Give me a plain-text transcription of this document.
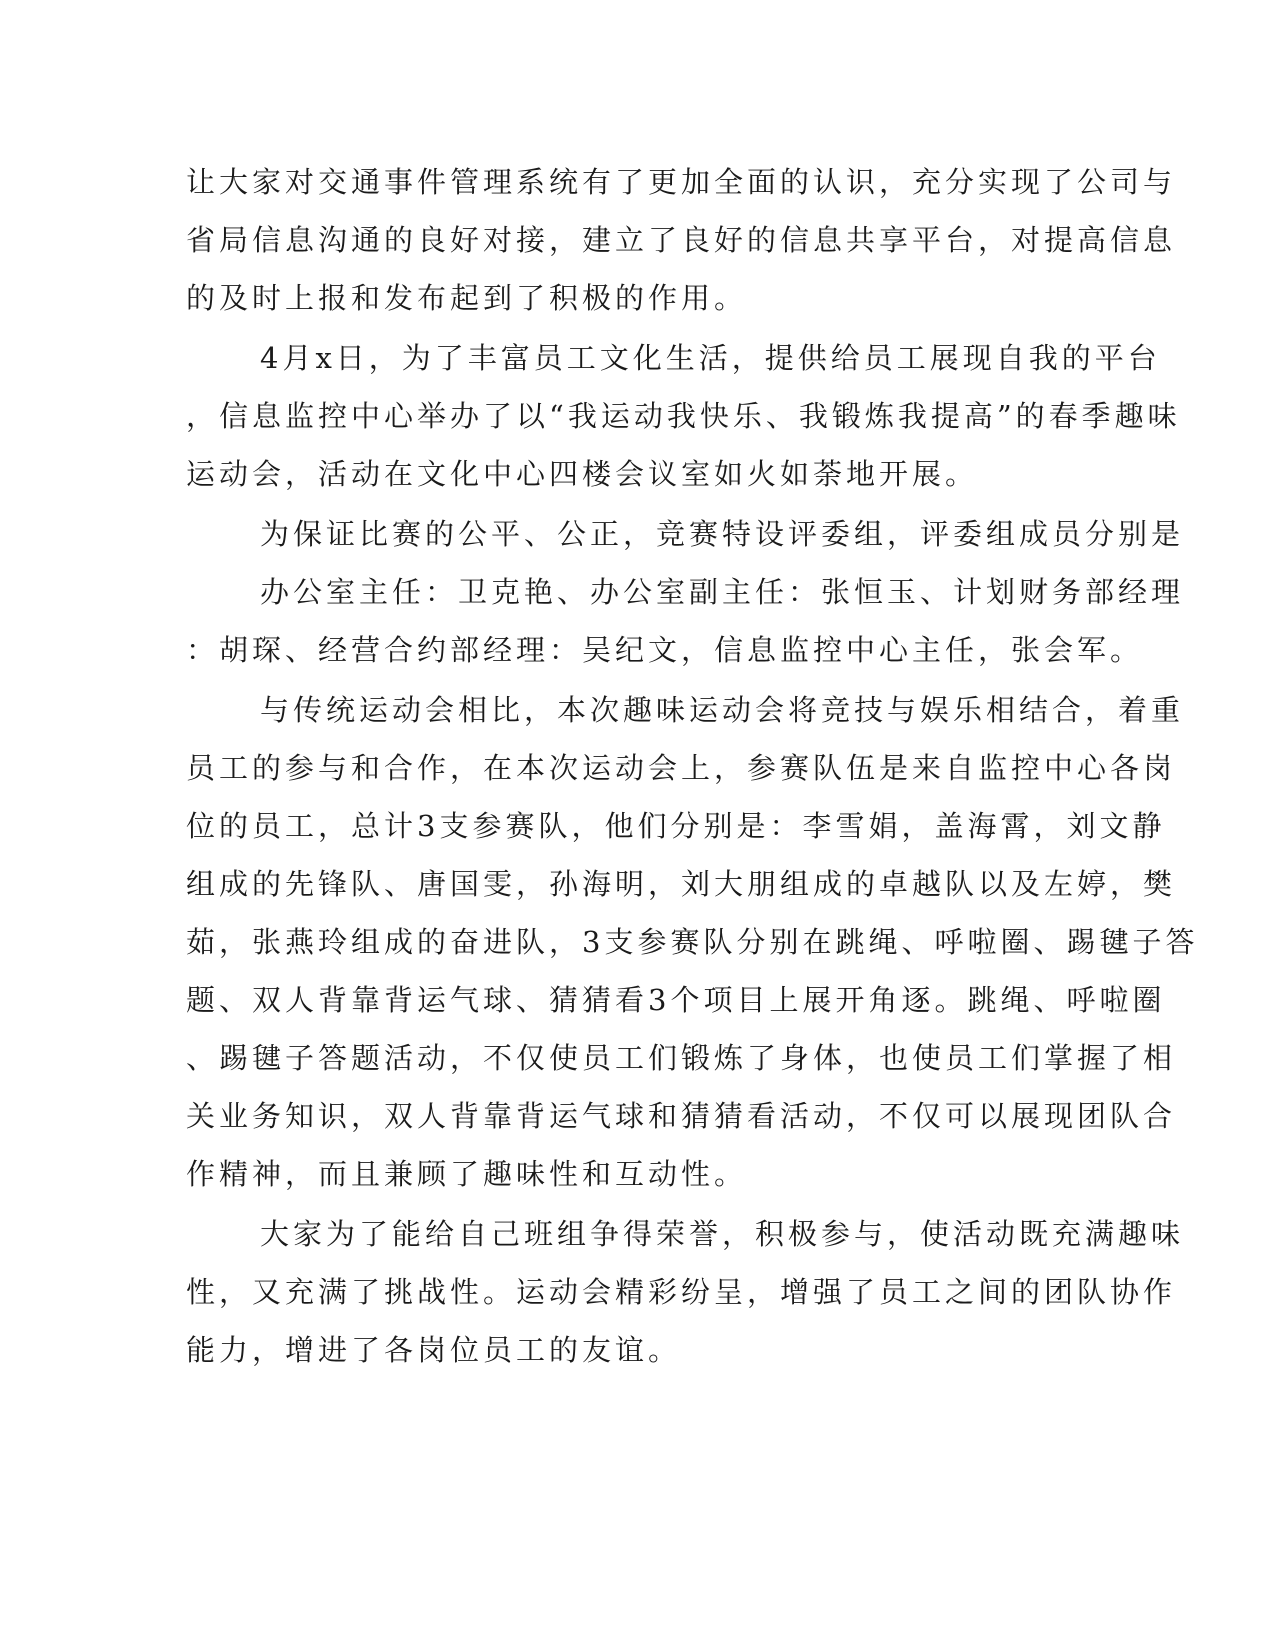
让大家对交通事件管理系统有了更加全面的认识，充分实现了公司与
省局信息沟通的良好对接，建立了良好的信息共享平台，对提高信息
的及时上报和发布起到了积极的作用。
4月x日，为了丰富员工文化生活，提供给员工展现自我的平台
，信息监控中心举办了以“我运动我快乐、我锻炼我提高”的春季趣味
运动会，活动在文化中心四楼会议室如火如荼地开展。
为保证比赛的公平、公正，竞赛特设评委组，评委组成员分别是
办公室主任：卫克艳、办公室副主任：张恒玉、计划财务部经理
：胡琛、经营合约部经理：吴纪文，信息监控中心主任，张会军。
与传统运动会相比，本次趣味运动会将竞技与娱乐相结合，着重
员工的参与和合作，在本次运动会上，参赛队伍是来自监控中心各岗
位的员工，总计3支参赛队，他们分别是：李雪娟，盖海霄，刘文静
组成的先锋队、唐国雯，孙海明，刘大朋组成的卓越队以及左婷，樊
茹，张燕玲组成的奋进队，3支参赛队分别在跳绳、呼啦圈、踢毽子答
题、双人背靠背运气球、猜猜看3个项目上展开角逐。跳绳、呼啦圈
、踢毽子答题活动，不仅使员工们锻炼了身体，也使员工们掌握了相
关业务知识，双人背靠背运气球和猜猜看活动，不仅可以展现团队合
作精神，而且兼顾了趣味性和互动性。
大家为了能给自己班组争得荣誉，积极参与，使活动既充满趣味
性，又充满了挑战性。运动会精彩纷呈，增强了员工之间的团队协作
能力，增进了各岗位员工的友谊。
